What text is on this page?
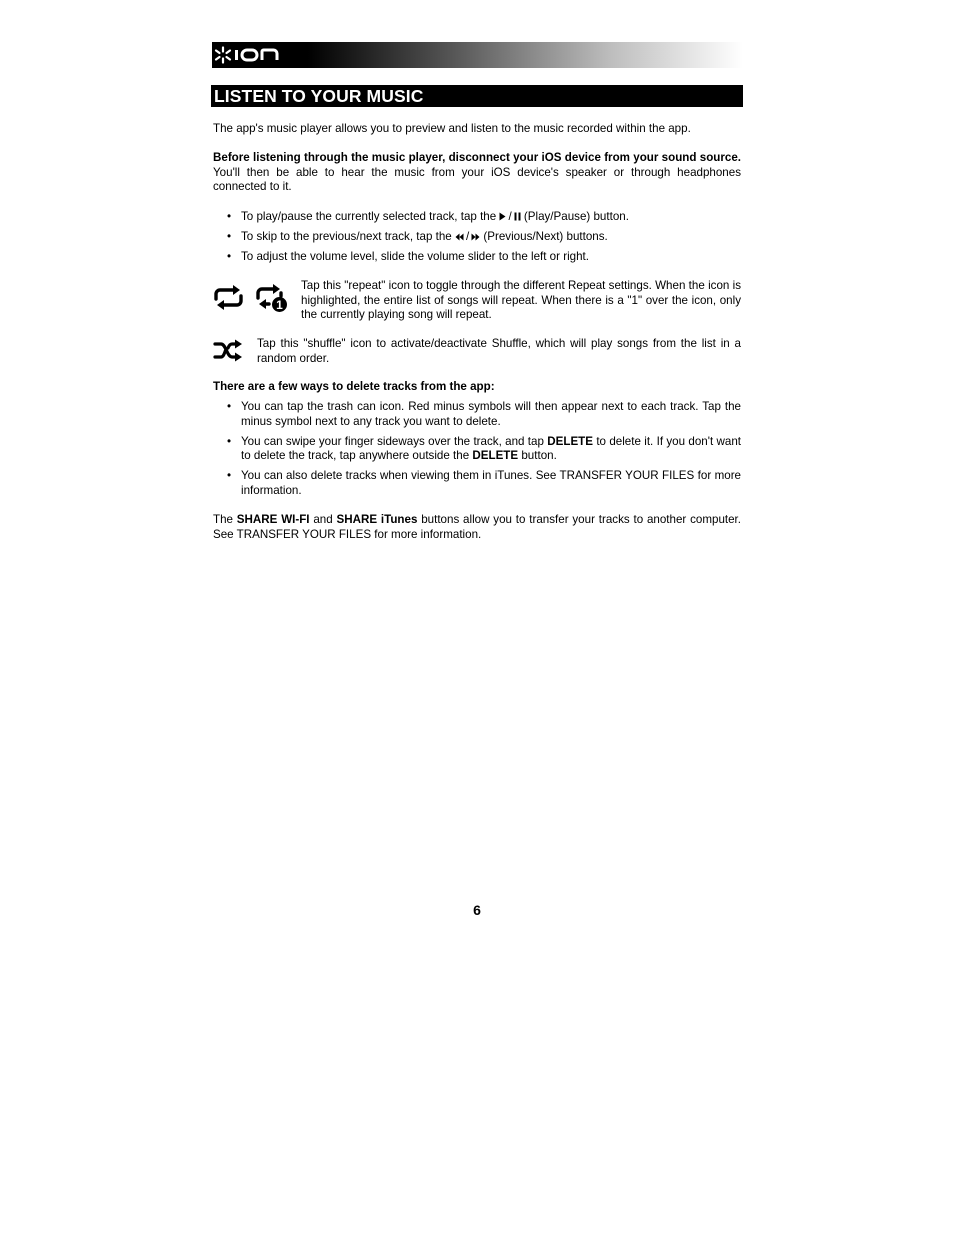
LISTEN TO YOUR MUSIC

The app's music player allows you to preview and listen to the music recorded within the app.

Before listening through the music player, disconnect your iOS device from your sound source. You'll then be able to hear the music from your iOS device's speaker or through headphones connected to it.

• To play/pause the currently selected track, tap the / (Play/Pause) button.
• To skip to the previous/next track, tap the / (Previous/Next) buttons.
• To adjust the volume level, slide the volume slider to the left or right.
1

Tap this "repeat" icon to toggle through the different Repeat settings. When the icon is highlighted, the entire list of songs will repeat. When there is a "1" over the icon, only the currently playing song will repeat.

Tap this "shuffle" icon to activate/deactivate Shuffle, which will play songs from the list in a random order.

There are a few ways to delete tracks from the app:

• You can tap the trash can icon. Red minus symbols will then appear next to each track. Tap the minus symbol next to any track you want to delete.
• You can swipe your finger sideways over the track, and tap DELETE to delete it. If you don't want to delete the track, tap anywhere outside the DELETE button.
• You can also delete tracks when viewing them in iTunes. See TRANSFER YOUR FILES for more information.

The SHARE WI-FI and SHARE iTunes buttons allow you to transfer your tracks to another computer. See TRANSFER YOUR FILES for more information.

6
